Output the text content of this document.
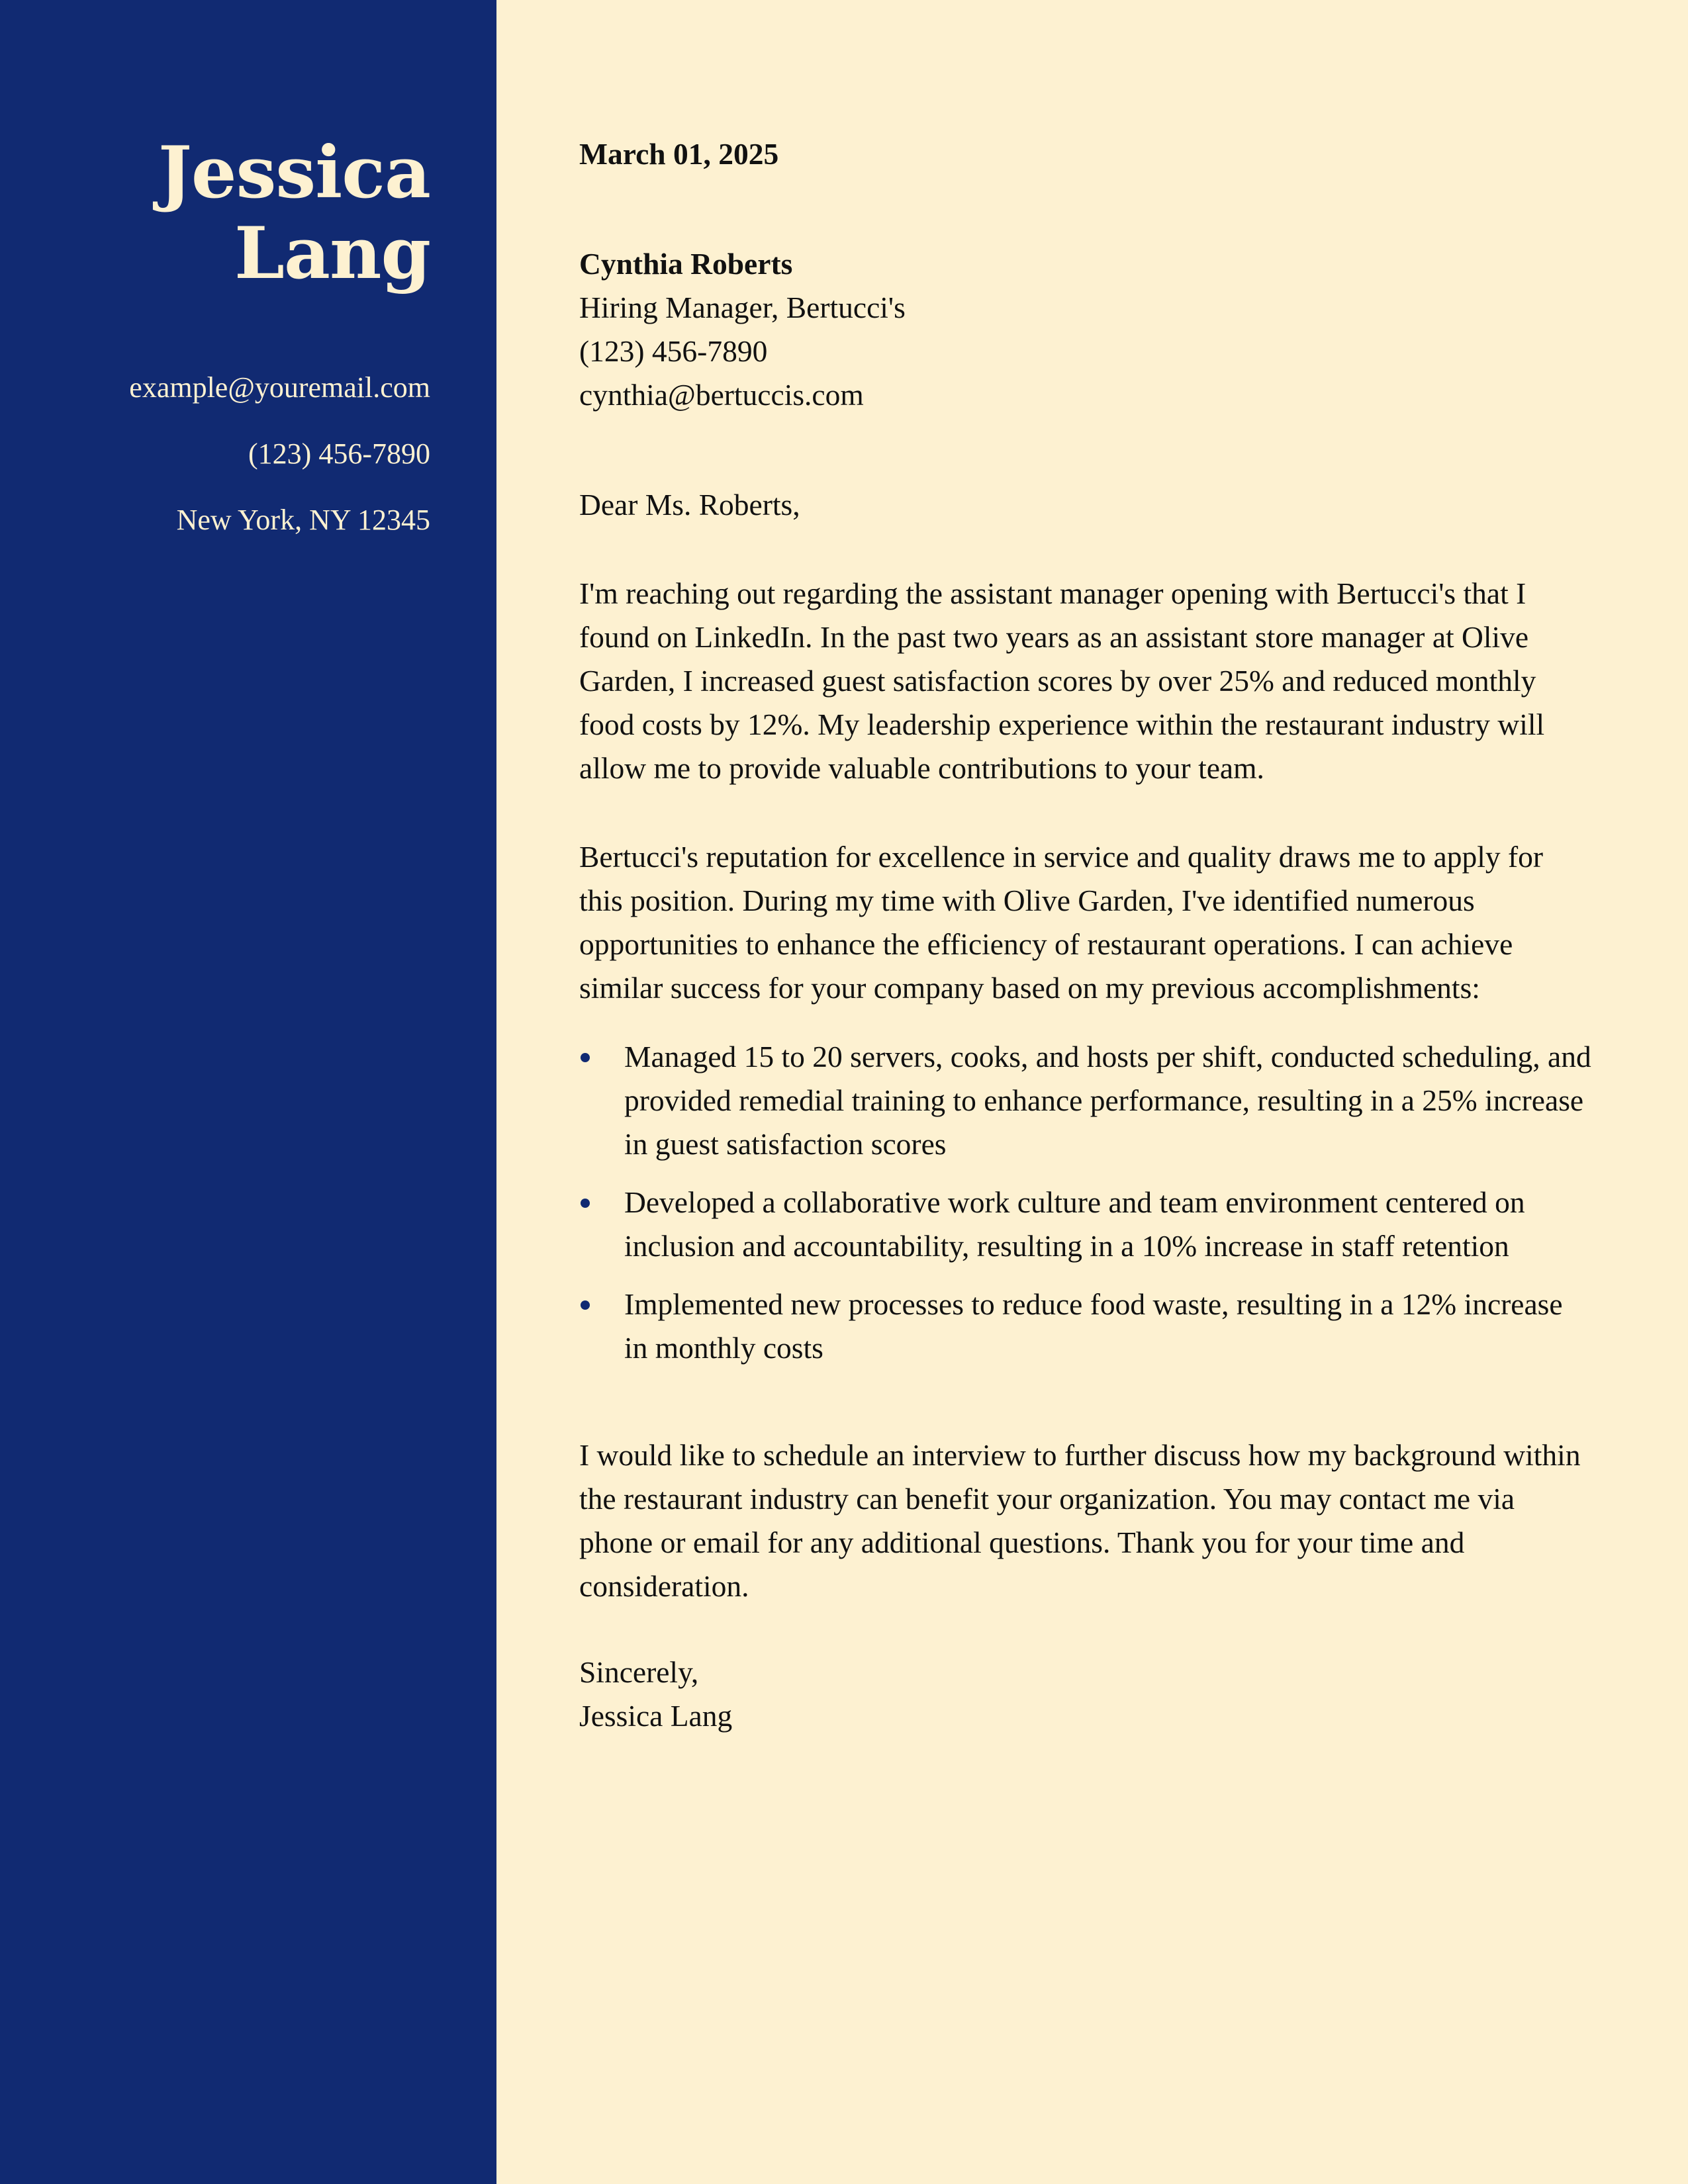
Jessica
Lang
example@youremail.com
(123) 456-7890
New York, NY 12345
March 01, 2025
Cynthia Roberts
Hiring Manager, Bertucci's
(123) 456-7890
cynthia@bertuccis.com
Dear Ms. Roberts,

I'm reaching out regarding the assistant manager opening with Bertucci's that I found on LinkedIn. In the past two years as an assistant store manager at Olive Garden, I increased guest satisfaction scores by over 25% and reduced monthly food costs by 12%. My leadership experience within the restaurant industry will allow me to provide valuable contributions to your team.

Bertucci's reputation for excellence in service and quality draws me to apply for this position. During my time with Olive Garden, I've identified numerous opportunities to enhance the efficiency of restaurant operations. I can achieve similar success for your company based on my previous accomplishments:

Managed 15 to 20 servers, cooks, and hosts per shift, conducted scheduling, and provided remedial training to enhance performance, resulting in a 25% increase in guest satisfaction scores
Developed a collaborative work culture and team environment centered on inclusion and accountability, resulting in a 10% increase in staff retention
Implemented new processes to reduce food waste, resulting in a 12% increase in monthly costs

I would like to schedule an interview to further discuss how my background within the restaurant industry can benefit your organization. You may contact me via phone or email for any additional questions. Thank you for your time and consideration.

Sincerely,
Jessica Lang
